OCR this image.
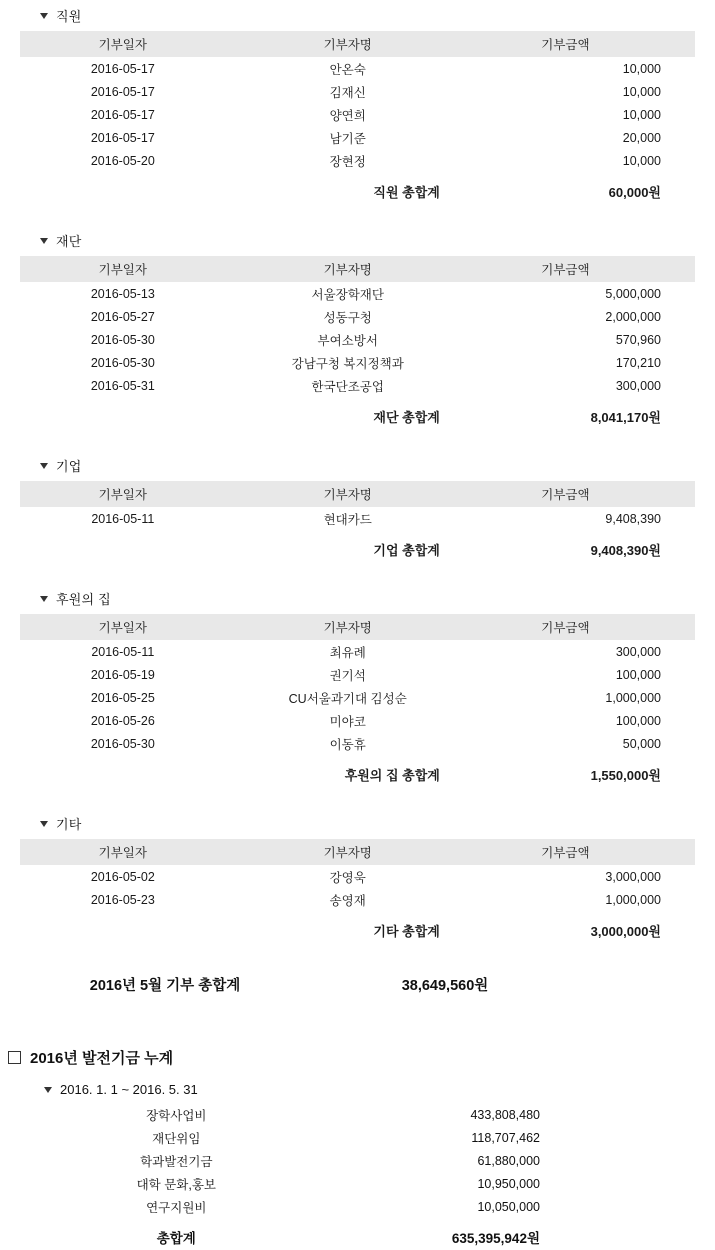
직원
기부일자	기부자명	기부금액
2016-05-17	안온숙	10,000
2016-05-17	김재신	10,000
2016-05-17	양연희	10,000
2016-05-17	남기준	20,000
2016-05-20	장현정	10,000
직원 총합계		60,000원
재단
기부일자	기부자명	기부금액
2016-05-13	서울장학재단	5,000,000
2016-05-27	성동구청	2,000,000
2016-05-30	부여소방서	570,960
2016-05-30	강남구청 복지정책과	170,210
2016-05-31	한국단조공업	300,000
재단 총합계		8,041,170원
기업
기부일자	기부자명	기부금액
2016-05-11	현대카드	9,408,390
기업 총합계		9,408,390원
후원의 집
기부일자	기부자명	기부금액
2016-05-11	최유례	300,000
2016-05-19	권기석	100,000
2016-05-25	CU서울과기대 김성순	1,000,000
2016-05-26	미야코	100,000
2016-05-30	이동휴	50,000
후원의 집 총합계		1,550,000원
기타
기부일자	기부자명	기부금액
2016-05-02	강영욱	3,000,000
2016-05-23	송영재	1,000,000
기타 총합계		3,000,000원
2016년 5월 기부 총합계	38,649,560원
2016년 발전기금 누계
2016. 1. 1 ~ 2016. 5. 31
장학사업비	433,808,480
재단위임	118,707,462
학과발전기금	61,880,000
대학 문화,홍보	10,950,000
연구지원비	10,050,000
총합계	635,395,942원
